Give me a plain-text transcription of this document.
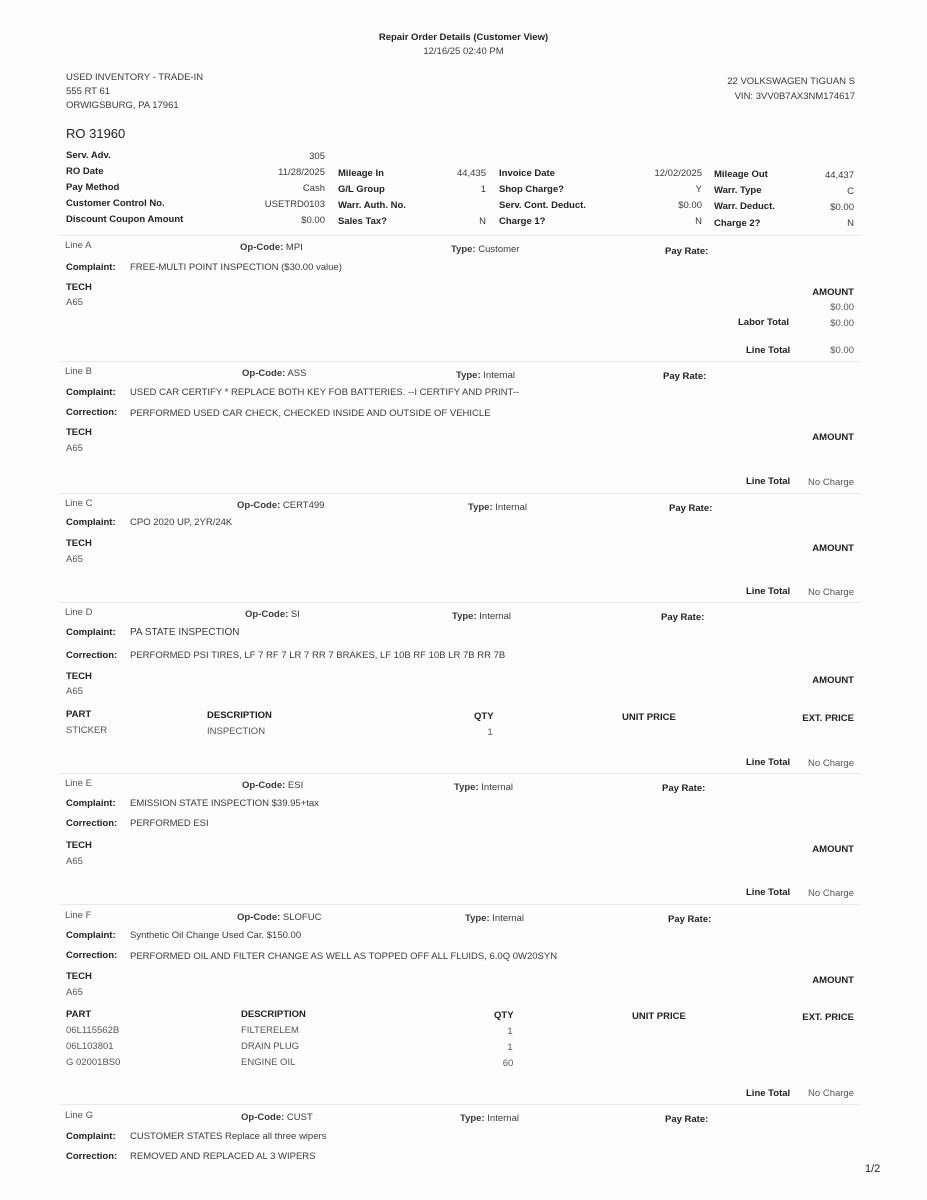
Repair Order Details (Customer View)
12/16/25 02:40 PM
USED INVENTORY - TRADE-IN
555 RT 61
ORWIGSBURG, PA 17961
22 VOLKSWAGEN TIGUAN S
VIN: 3VV0B7AX3NM174617
RO 31960
Serv. Adv.	305
RO Date	11/28/2025 Mileage In	44,435 Invoice Date	12/02/2025 Mileage Out	44,437
Pay Method	Cash G/L Group	1 Shop Charge?	Y Warr. Type	C
Customer Control No.	USETRD0103 Warr. Auth. No.	Serv. Cont. Deduct.	$0.00 Warr. Deduct.	$0.00
Discount Coupon Amount	$0.00 Sales Tax?	N Charge 1?	N Charge 2?	N
Line A	Op-Code: MPI	Type: Customer	Pay Rate:
Complaint: FREE-MULTI POINT INSPECTION ($30.00 value)
TECH
A65
AMOUNT
$0.00
Labor Total	$0.00
Line Total	$0.00
Line B	Op-Code: ASS	Type: Internal	Pay Rate:
Complaint: USED CAR CERTIFY * REPLACE BOTH KEY FOB BATTERIES. --I CERTIFY AND PRINT--
Correction: PERFORMED USED CAR CHECK, CHECKED INSIDE AND OUTSIDE OF VEHICLE
TECH
A65
AMOUNT
Line Total No Charge
Line C	Op-Code: CERT499	Type: Internal	Pay Rate:
Complaint: CPO 2020 UP, 2YR/24K
TECH
A65
AMOUNT
Line Total No Charge
Line D	Op-Code: SI	Type: Internal	Pay Rate:
Complaint: PA STATE INSPECTION
Correction: PERFORMED PSI TIRES, LF 7 RF 7 LR 7 RR 7 BRAKES, LF 10B RF 10B LR 7B RR 7B
TECH
A65
AMOUNT
PART	DESCRIPTION	QTY	UNIT PRICE	EXT. PRICE
STICKER	INSPECTION	1
Line Total No Charge
Line E	Op-Code: ESI	Type: Internal	Pay Rate:
Complaint: EMISSION STATE INSPECTION $39.95+tax
Correction: PERFORMED ESI
TECH
A65
AMOUNT
Line Total No Charge
Line F	Op-Code: SLOFUC	Type: Internal	Pay Rate:
Complaint: Synthetic Oil Change Used Car. $150.00
Correction: PERFORMED OIL AND FILTER CHANGE AS WELL AS TOPPED OFF ALL FLUIDS, 6.0Q 0W20SYN
TECH
A65
AMOUNT
PART	DESCRIPTION	QTY	UNIT PRICE	EXT. PRICE
06L115562B	FILTERELEM	1
06L103801	DRAIN PLUG	1
G 02001BS0	ENGINE OIL	60
Line Total No Charge
Line G	Op-Code: CUST	Type: Internal	Pay Rate:
Complaint: CUSTOMER STATES Replace all three wipers
Correction: REMOVED AND REPLACED AL 3 WIPERS
1/2
